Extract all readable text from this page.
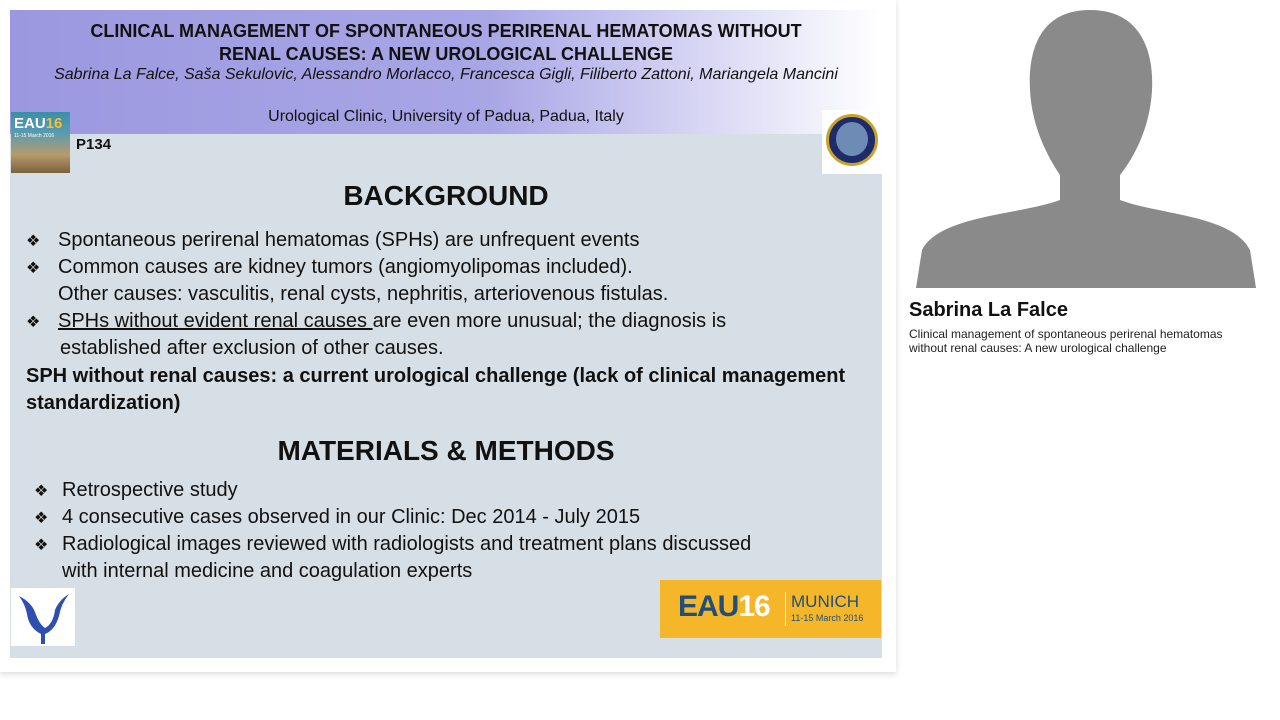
CLINICAL MANAGEMENT OF SPONTANEOUS PERIRENAL HEMATOMAS WITHOUT
RENAL CAUSES: A NEW UROLOGICAL CHALLENGE
Sabrina La Falce, Saša Sekulovic, Alessandro Morlacco, Francesca Gigli, Filiberto Zattoni, Mariangela Mancini
Urological Clinic, University of Padua, Padua, Italy
EAU16
11-15 March 2016 P134
BACKGROUND
❖ Spontaneous perirenal hematomas (SPHs) are unfrequent events
❖ Common causes are kidney tumors (angiomyolipomas included).
Other causes: vasculitis, renal cysts, nephritis, arteriovenous fistulas.
❖ SPHs without evident renal causes are even more unusual; the diagnosis is
established after exclusion of other causes.
SPH without renal causes: a current urological challenge (lack of clinical management standardization)
MATERIALS & METHODS
❖ Retrospective study
❖ 4 consecutive cases observed in our Clinic: Dec 2014 - July 2015
❖ Radiological images reviewed with radiologists and treatment plans discussed
with internal medicine and coagulation experts
EAU16 MUNICH
11-15 March 2016
Sabrina La Falce
Clinical management of spontaneous perirenal hematomas without renal causes: A new urological challenge
